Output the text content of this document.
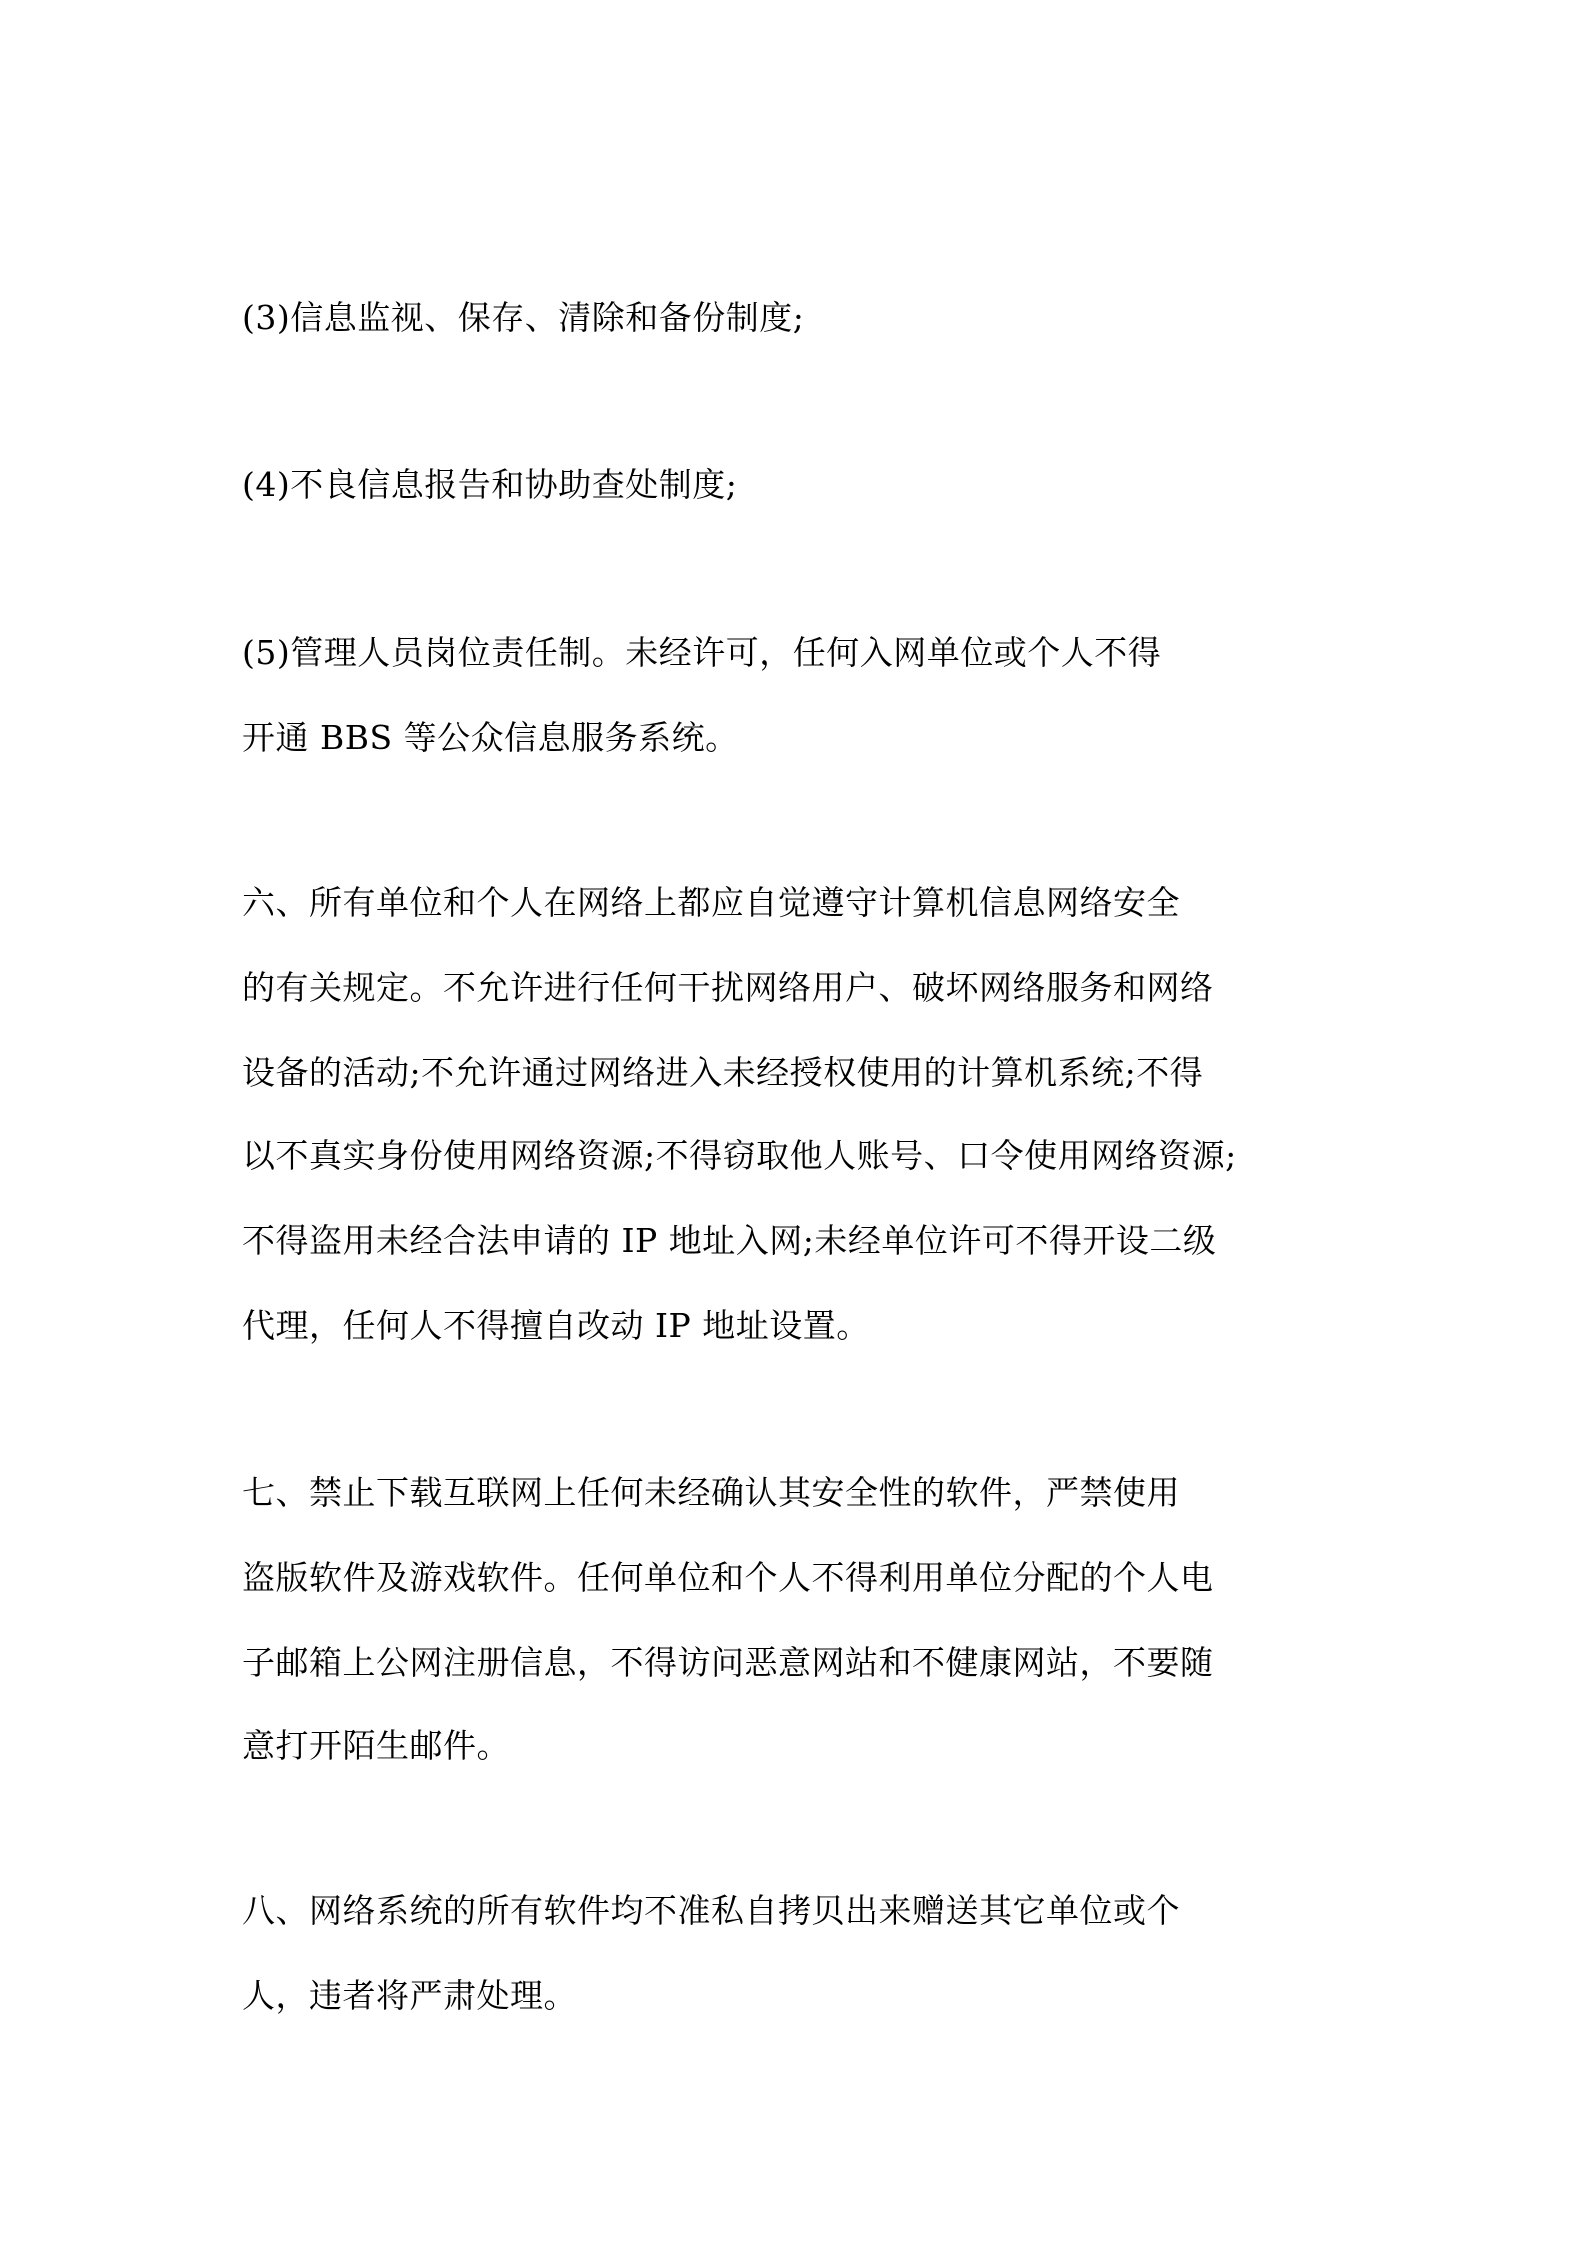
(3)信息监视、保存、清除和备份制度;
(4)不良信息报告和协助查处制度;
(5)管理人员岗位责任制。未经许可，任何入网单位或个人不得
开通 BBS 等公众信息服务系统。
六、所有单位和个人在网络上都应自觉遵守计算机信息网络安全
的有关规定。不允许进行任何干扰网络用户、破坏网络服务和网络
设备的活动;不允许通过网络进入未经授权使用的计算机系统;不得
以不真实身份使用网络资源;不得窃取他人账号、口令使用网络资源;
不得盗用未经合法申请的 IP 地址入网;未经单位许可不得开设二级
代理，任何人不得擅自改动 IP 地址设置。
七、禁止下载互联网上任何未经确认其安全性的软件，严禁使用
盗版软件及游戏软件。任何单位和个人不得利用单位分配的个人电
子邮箱上公网注册信息，不得访问恶意网站和不健康网站，不要随
意打开陌生邮件。
八、网络系统的所有软件均不准私自拷贝出来赠送其它单位或个
人，违者将严肃处理。
